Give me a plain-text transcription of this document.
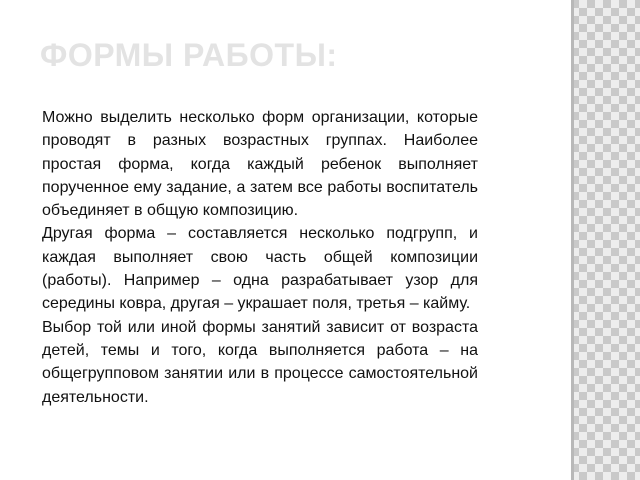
ФОРМЫ РАБОТЫ:

Можно выделить несколько форм организации, которые проводят в разных возрастных группах. Наиболее простая форма, когда каждый ребенок выполняет порученное ему задание, а затем все работы воспитатель объединяет в общую композицию.

Другая форма – составляется несколько подгрупп, и каждая выполняет свою часть общей композиции (работы). Например – одна разрабатывает узор для середины ковра, другая – украшает поля, третья – кайму.

Выбор той или иной формы занятий зависит от возраста детей, темы и того, когда выполняется работа – на общегрупповом занятии или в процессе самостоятельной деятельности.
